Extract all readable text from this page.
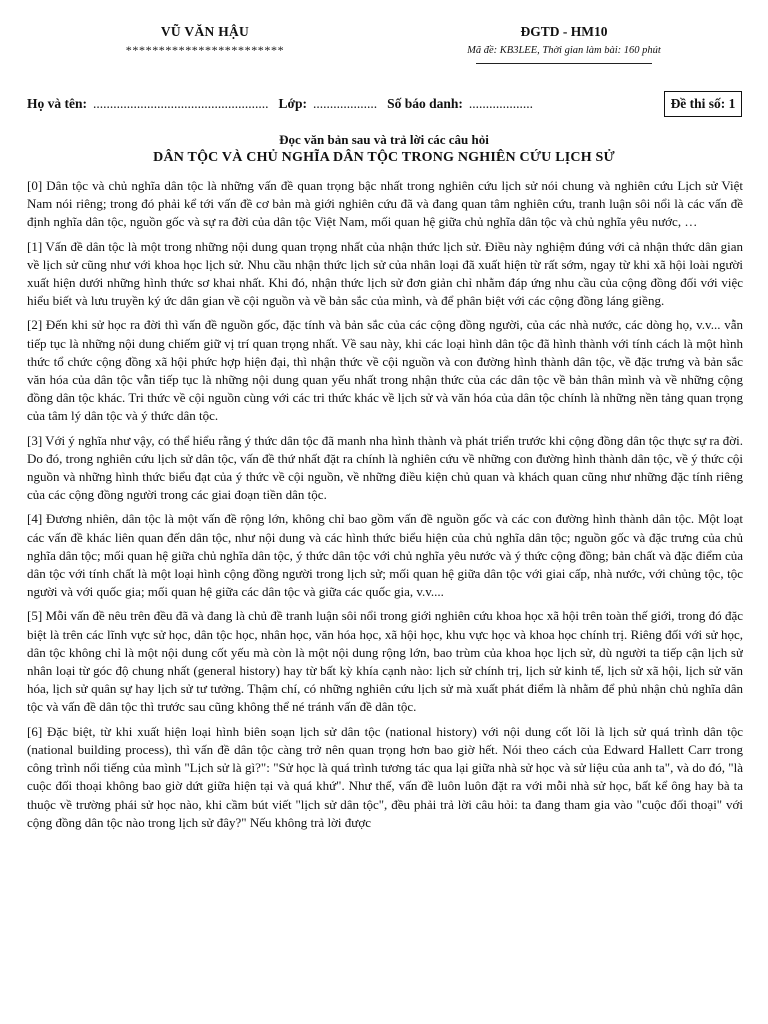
VŨ VĂN HẬU
************************
ĐGTD - HM10
Mã đề: KB3LEE, Thời gian làm bài: 160 phút
Họ và tên: .................................................... Lớp: ................... Số báo danh: ...................	Đề thi số: 1
Đọc văn bản sau và trả lời các câu hỏi
DÂN TỘC VÀ CHỦ NGHĨA DÂN TỘC TRONG NGHIÊN CỨU LỊCH SỬ

[0] Dân tộc và chủ nghĩa dân tộc là những vấn đề quan trọng bậc nhất trong nghiên cứu lịch sử nói chung và nghiên cứu Lịch sử Việt Nam nói riêng; trong đó phải kể tới vấn đề cơ bản mà giới nghiên cứu đã và đang quan tâm nghiên cứu, tranh luận sôi nổi là các vấn đề định nghĩa dân tộc, nguồn gốc và sự ra đời của dân tộc Việt Nam, mối quan hệ giữa chủ nghĩa dân tộc và chủ nghĩa yêu nước, …

[1] Vấn đề dân tộc là một trong những nội dung quan trọng nhất của nhận thức lịch sử. Điều này nghiệm đúng với cả nhận thức dân gian về lịch sử cũng như với khoa học lịch sử. Nhu cầu nhận thức lịch sử của nhân loại đã xuất hiện từ rất sớm, ngay từ khi xã hội loài người xuất hiện dưới những hình thức sơ khai nhất. Khi đó, nhận thức lịch sử đơn giản chỉ nhằm đáp ứng nhu cầu của cộng đồng đối với việc hiểu biết và lưu truyền ký ức dân gian về cội nguồn và về bản sắc của mình, và để phân biệt với các cộng đồng láng giềng.

[2] Đến khi sử học ra đời thì vấn đề nguồn gốc, đặc tính và bản sắc của các cộng đồng người, của các nhà nước, các dòng họ, v.v... vẫn tiếp tục là những nội dung chiếm giữ vị trí quan trọng nhất. Về sau này, khi các loại hình dân tộc đã hình thành với tính cách là một hình thức tổ chức cộng đồng xã hội phức hợp hiện đại, thì nhận thức về cội nguồn và con đường hình thành dân tộc, về đặc trưng và bản sắc văn hóa của dân tộc vẫn tiếp tục là những nội dung quan yếu nhất trong nhận thức của các dân tộc về bản thân mình và về những cộng đồng dân tộc khác. Tri thức về cội nguồn cùng với các tri thức khác về lịch sử và văn hóa của dân tộc chính là những nền tảng quan trọng của tâm lý dân tộc và ý thức dân tộc.

[3] Với ý nghĩa như vậy, có thể hiểu rằng ý thức dân tộc đã manh nha hình thành và phát triển trước khi cộng đồng dân tộc thực sự ra đời. Do đó, trong nghiên cứu lịch sử dân tộc, vấn đề thứ nhất đặt ra chính là nghiên cứu về những con đường hình thành dân tộc, về ý thức cội nguồn và những hình thức biểu đạt của ý thức về cội nguồn, về những điều kiện chủ quan và khách quan cũng như những đặc tính riêng của các cộng đồng người trong các giai đoạn tiền dân tộc.

[4] Đương nhiên, dân tộc là một vấn đề rộng lớn, không chỉ bao gồm vấn đề nguồn gốc và các con đường hình thành dân tộc. Một loạt các vấn đề khác liên quan đến dân tộc, như nội dung và các hình thức biểu hiện của chủ nghĩa dân tộc; nguồn gốc và đặc trưng của chủ nghĩa dân tộc; mối quan hệ giữa chủ nghĩa dân tộc, ý thức dân tộc với chủ nghĩa yêu nước và ý thức cộng đồng; bản chất và đặc điểm của dân tộc với tính chất là một loại hình cộng đồng người trong lịch sử; mối quan hệ giữa dân tộc với giai cấp, nhà nước, với chủng tộc, tộc người và với quốc gia; mối quan hệ giữa các dân tộc và giữa các quốc gia, v.v....

[5] Mỗi vấn đề nêu trên đều đã và đang là chủ đề tranh luận sôi nổi trong giới nghiên cứu khoa học xã hội trên toàn thế giới, trong đó đặc biệt là trên các lĩnh vực sử học, dân tộc học, nhân học, văn hóa học, xã hội học, khu vực học và khoa học chính trị. Riêng đối với sử học, dân tộc không chỉ là một nội dung cốt yếu mà còn là một nội dung rộng lớn, bao trùm của khoa học lịch sử, dù người ta tiếp cận lịch sử nhân loại từ góc độ chung nhất (general history) hay từ bất kỳ khía cạnh nào: lịch sử chính trị, lịch sử kinh tế, lịch sử xã hội, lịch sử văn hóa, lịch sử quân sự hay lịch sử tư tưởng. Thậm chí, có những nghiên cứu lịch sử mà xuất phát điểm là nhằm để phủ nhận chủ nghĩa dân tộc và vấn đề dân tộc thì trước sau cũng không thể né tránh vấn đề dân tộc.

[6] Đặc biệt, từ khi xuất hiện loại hình biên soạn lịch sử dân tộc (national history) với nội dung cốt lõi là lịch sử quá trình dân tộc (national building process), thì vấn đề dân tộc càng trở nên quan trọng hơn bao giờ hết. Nói theo cách của Edward Hallett Carr trong công trình nổi tiếng của mình "Lịch sử là gì?": "Sử học là quá trình tương tác qua lại giữa nhà sử học và sử liệu của anh ta", và do đó, "là cuộc đối thoại không bao giờ dứt giữa hiện tại và quá khứ". Như thế, vấn đề luôn luôn đặt ra với mỗi nhà sử học, bất kể ông hay bà ta thuộc về trường phái sử học nào, khi cầm bút viết "lịch sử dân tộc", đều phải trả lời câu hỏi: ta đang tham gia vào "cuộc đối thoại" với cộng đồng dân tộc nào trong lịch sử đây?" Nếu không trả lời được
